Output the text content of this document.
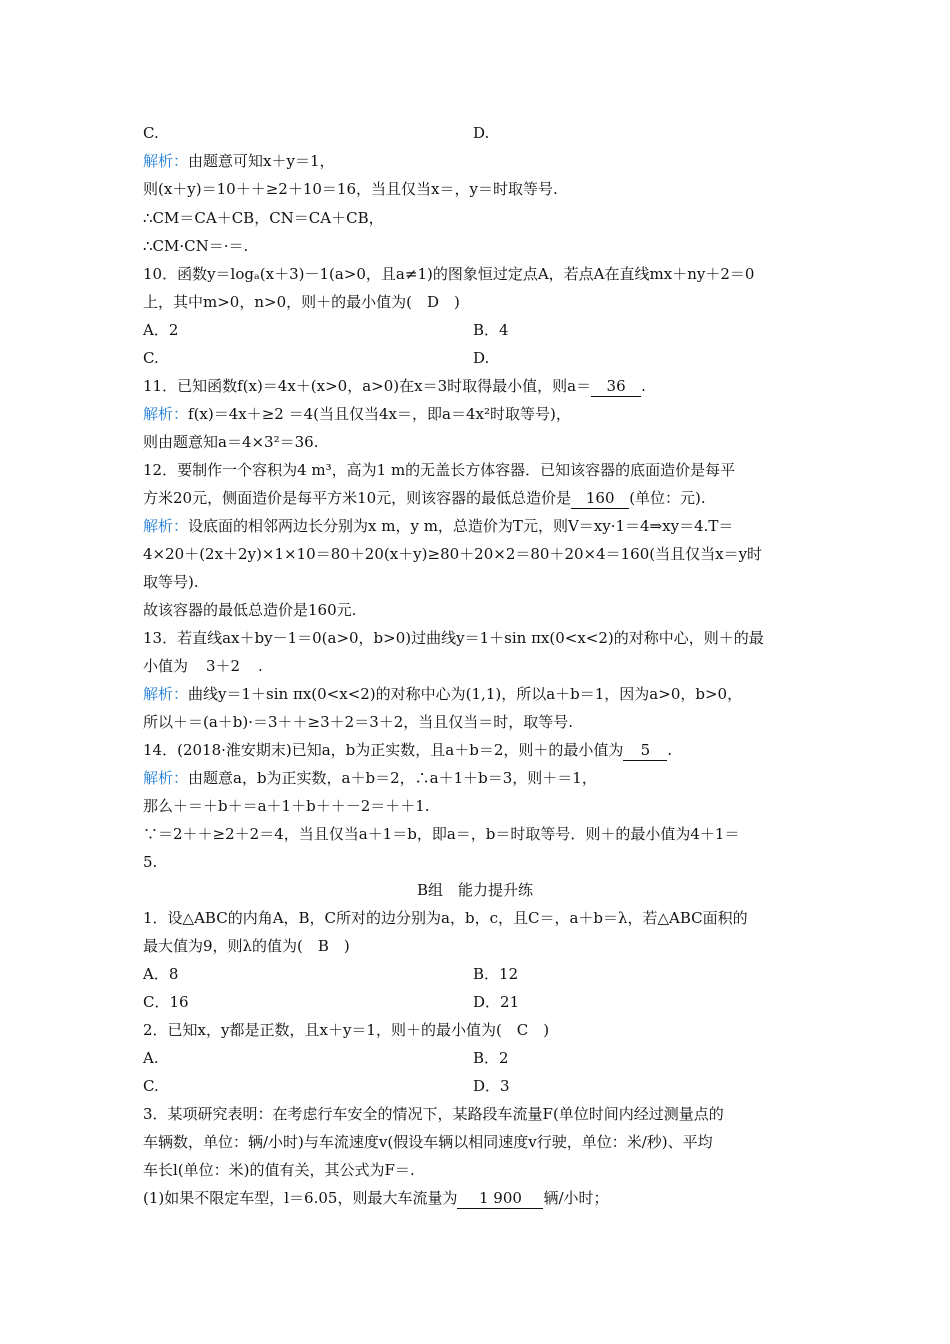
C.	D.
解析：由题意可知x＋y＝1，
则(x＋y)＝10＋＋≥2＋10＝16，当且仅当x＝，y＝时取等号.
∴CM＝CA＋CB，CN＝CA＋CB，
∴CM·CN＝·＝.
10．函数y＝logₐ(x＋3)－1(a>0，且a≠1)的图象恒过定点A，若点A在直线mx＋ny＋2＝0
上，其中m>0，n>0，则＋的最小值为(　D　)
A．2	B．4
C.	D.
11．已知函数f(x)＝4x＋(x>0，a>0)在x＝3时取得最小值，则a＝ 36 .
解析：f(x)＝4x＋≥2 ＝4(当且仅当4x＝，即a＝4x²时取等号)，
则由题意知a＝4×3²＝36.
12．要制作一个容积为4 m³，高为1 m的无盖长方体容器．已知该容器的底面造价是每平
方米20元，侧面造价是每平方米10元，则该容器的最低总造价是 160 (单位：元).
解析：设底面的相邻两边长分别为x m，y m，总造价为T元，则V＝xy·1＝4⇒xy＝4.T＝
4×20＋(2x＋2y)×1×10＝80＋20(x＋y)≥80＋20×2＝80＋20×4＝160(当且仅当x＝y时
取等号).
故该容器的最低总造价是160元.
13．若直线ax＋by－1＝0(a>0，b>0)过曲线y＝1＋sin πx(0<x<2)的对称中心，则＋的最
小值为 3＋2 .
解析：曲线y＝1＋sin πx(0<x<2)的对称中心为(1,1)，所以a＋b＝1，因为a>0，b>0，
所以＋＝(a＋b)·＝3＋＋≥3＋2＝3＋2，当且仅当＝时，取等号.
14．(2018·淮安期末)已知a，b为正实数，且a＋b＝2，则＋的最小值为 5 .
解析：由题意a，b为正实数，a＋b＝2，∴a＋1＋b＝3，则＋＝1，
那么＋＝＋b＋＝a＋1＋b＋＋－2＝＋＋1.
∵＝2＋＋≥2＋2＝4，当且仅当a＋1＝b，即a＝，b＝时取等号．则＋的最小值为4＋1＝
5.
B组　能力提升练
1．设△ABC的内角A，B，C所对的边分别为a，b，c，且C＝，a＋b＝λ，若△ABC面积的
最大值为9，则λ的值为(　B　)
A．8	B．12
C．16	D．21
2．已知x，y都是正数，且x＋y＝1，则＋的最小值为(　C　)
A.	B．2
C.	D．3
3．某项研究表明：在考虑行车安全的情况下，某路段车流量F(单位时间内经过测量点的
车辆数，单位：辆/小时)与车流速度v(假设车辆以相同速度v行驶，单位：米/秒)、平均
车长l(单位：米)的值有关，其公式为F＝.
(1)如果不限定车型，l＝6.05，则最大车流量为 1 900 辆/小时；
